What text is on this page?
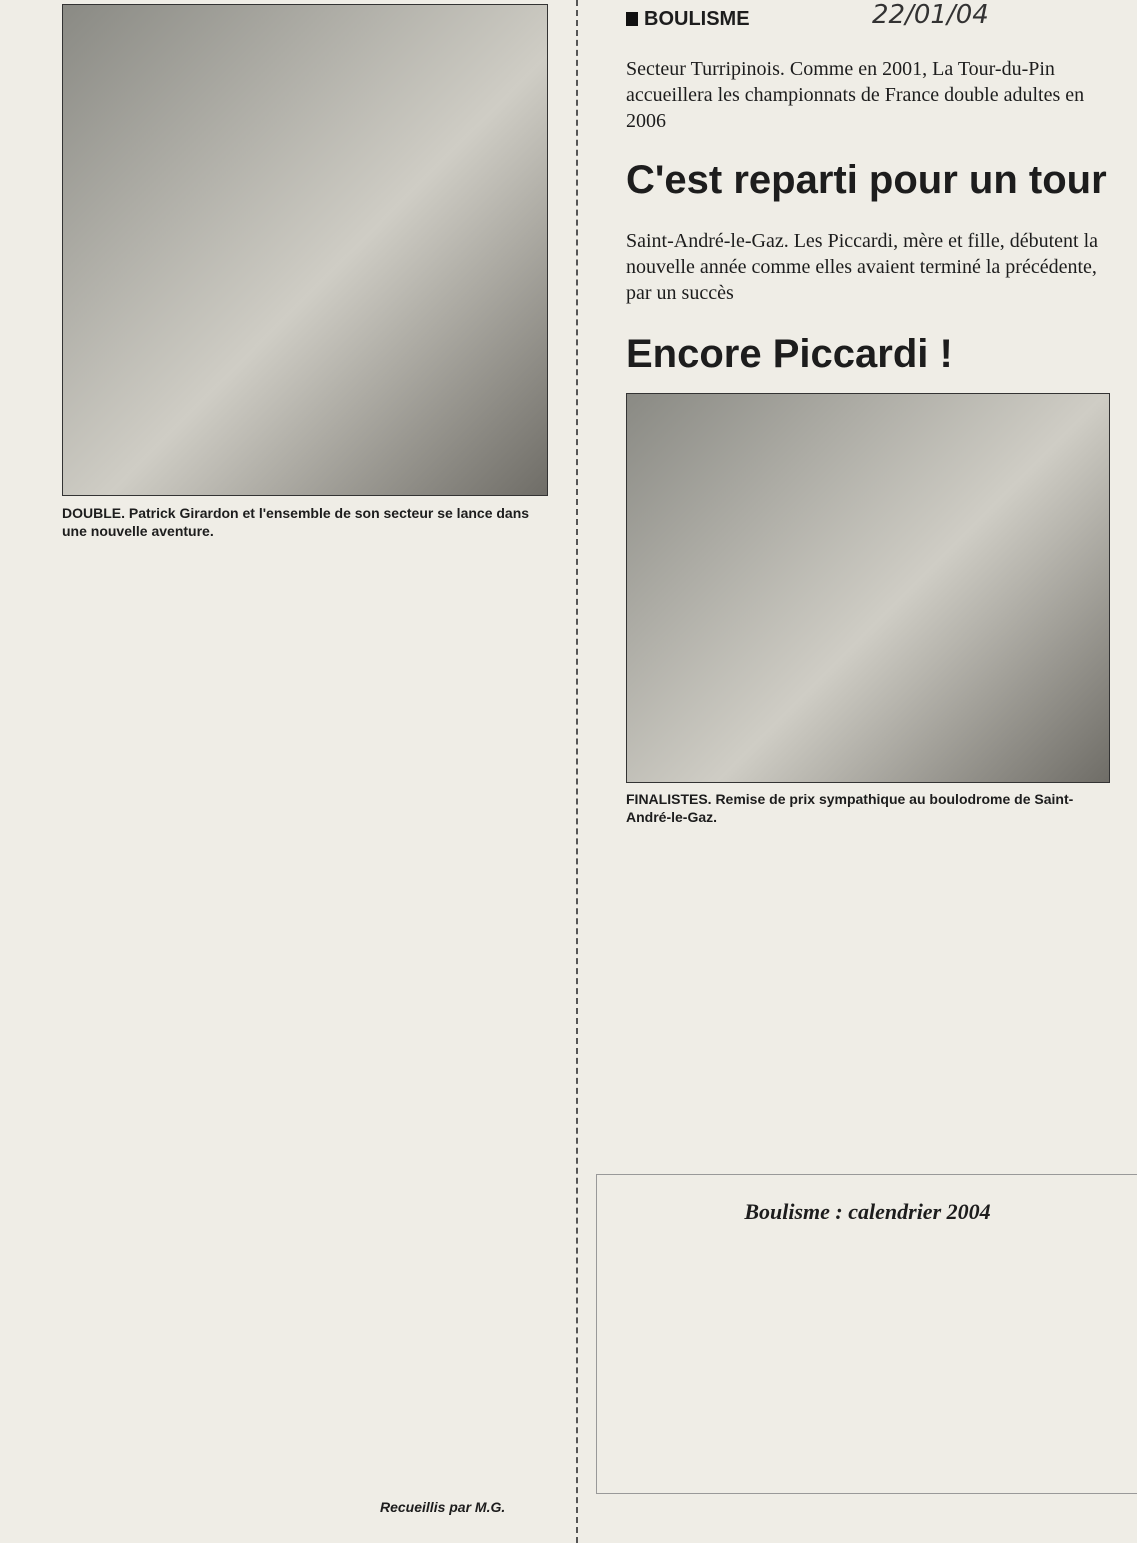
BOULISME	22/01/04
DOUBLE. Patrick Girardon et l'ensemble de son secteur se lance dans une nouvelle aventure.
Recueillis par M.G.
Secteur Turripinois. Comme en 2001, La Tour-du-Pin accueillera les championnats de France double adultes en 2006
C'est reparti pour un tour
Saint-André-le-Gaz. Les Piccardi, mère et fille, débutent la nouvelle année comme elles avaient terminé la précédente, par un succès
Encore Piccardi !
FINALISTES. Remise de prix sympathique au boulodrome de Saint-André-le-Gaz.
Boulisme : calendrier 2004
